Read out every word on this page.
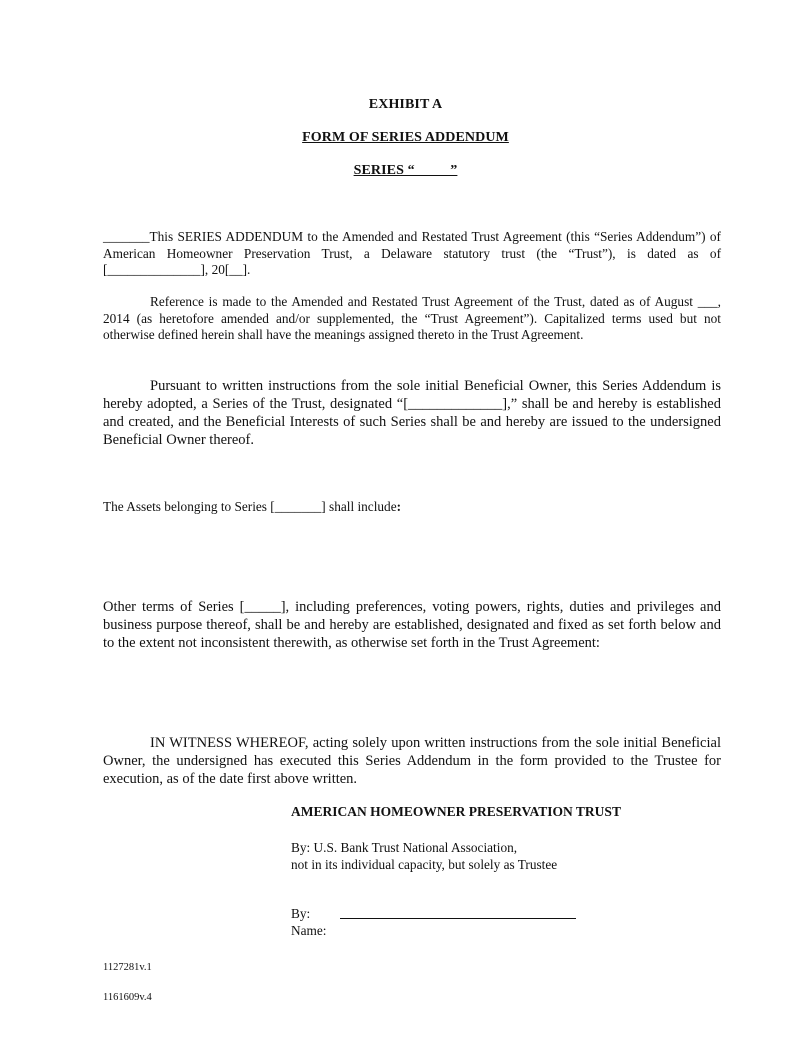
EXHIBIT A
FORM OF SERIES ADDENDUM
SERIES “ ____ ”

_______This SERIES ADDENDUM to the Amended and Restated Trust Agreement (this “Series Addendum”) of American Homeowner Preservation Trust, a Delaware statutory trust (the “Trust”), is dated as of [______________], 20[__].

Reference is made to the Amended and Restated Trust Agreement of the Trust, dated as of August ___, 2014 (as heretofore amended and/or supplemented, the “Trust Agreement”). Capitalized terms used but not otherwise defined herein shall have the meanings assigned thereto in the Trust Agreement.

Pursuant to written instructions from the sole initial Beneficial Owner, this Series Addendum is hereby adopted, a Series of the Trust, designated “[_____________],” shall be and hereby is established and created, and the Beneficial Interests of such Series shall be and hereby are issued to the undersigned Beneficial Owner thereof.

The Assets belonging to Series [_______] shall include:

Other terms of Series [_____], including preferences, voting powers, rights, duties and privileges and business purpose thereof, shall be and hereby are established, designated and fixed as set forth below and to the extent not inconsistent therewith, as otherwise set forth in the Trust Agreement:

IN WITNESS WHEREOF, acting solely upon written instructions from the sole initial Beneficial Owner, the undersigned has executed this Series Addendum in the form provided to the Trustee for execution, as of the date first above written.

AMERICAN HOMEOWNER PRESERVATION TRUST
By: U.S. Bank Trust National Association,
not in its individual capacity, but solely as Trustee
By:
Name:
1127281v.1
1161609v.4
